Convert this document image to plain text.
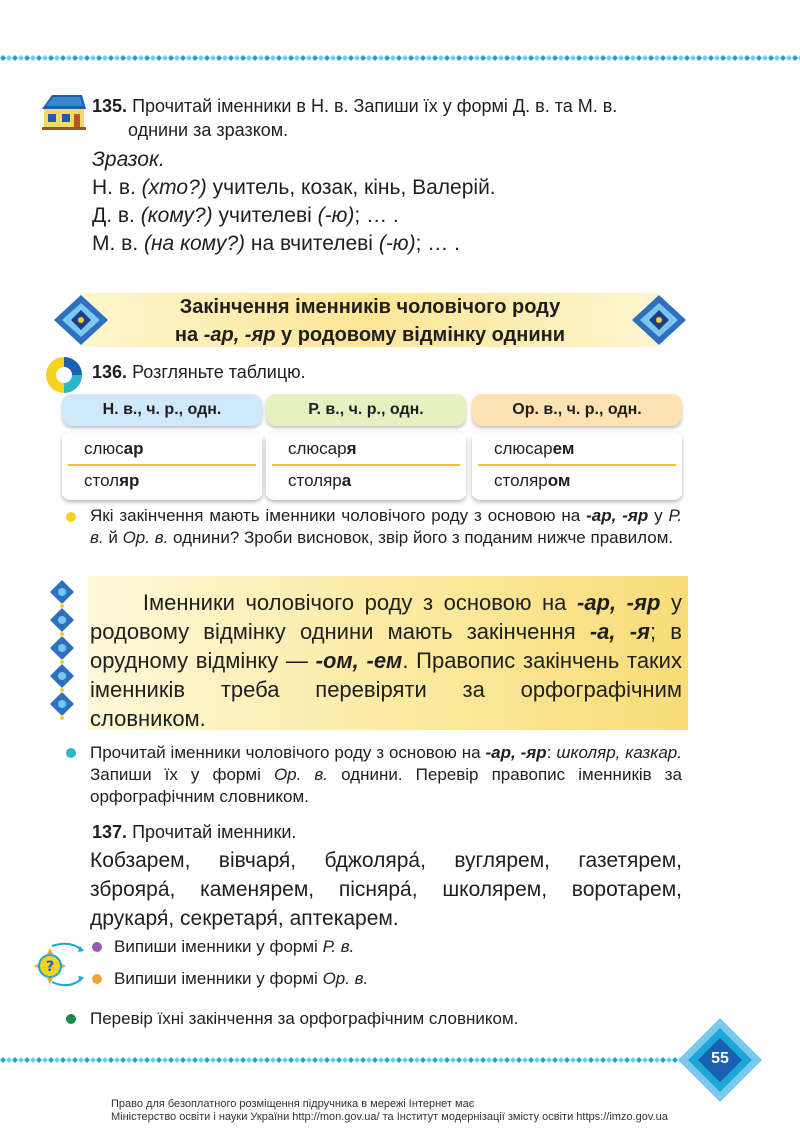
135. Прочитай іменники в Н. в. Запиши їх у формі Д. в. та М. в.
однини за зразком.
Зразок.
Н. в. (хто?) учитель, козак, кінь, Валерій.
Д. в. (кому?) учителеві (-ю); … .
М. в. (на кому?) на вчителеві (-ю); … .
Закінчення іменників чоловічого роду
на -ар, -яр у родовому відмінку однини
136. Розгляньте таблицю.
Н. в., ч. р., одн.
слюсар
столяр
Р. в., ч. р., одн.
слюсаря
столяра
Ор. в., ч. р., одн.
слюсарем
столяром
Які закінчення мають іменники чоловічого роду з основою на -ар, -яр у Р. в. й Ор. в. однини? Зроби висновок, звір його з поданим нижче правилом.
Іменники чоловічого роду з основою на -ар, -яр у родовому відмінку однини мають закінчення -а, -я; в орудному відмінку — -ом, -ем. Правопис закінчень таких іменників треба перевіряти за орфографічним словником.
Прочитай іменники чоловічого роду з основою на -ар, -яр: школяр, казкар. Запиши їх у формі Ор. в. однини. Перевір правопис іменників за орфографічним словником.
137. Прочитай іменники.
Кобзарем, вівчаря́, бджоляра́, вуглярем, газетярем, зброяра́, каменярем, пісняра́, школярем, воротарем, друкаря́, секретаря́, аптекарем.
?
Випиши іменники у формі Р. в.
Випиши іменники у формі Ор. в.
Перевір їхні закінчення за орфографічним словником.
55
Право для безоплатного розміщення підручника в мережі Інтернет має
Міністерство освіти і науки України http://mon.gov.ua/ та Інститут модернізації змісту освіти https://imzo.gov.ua
